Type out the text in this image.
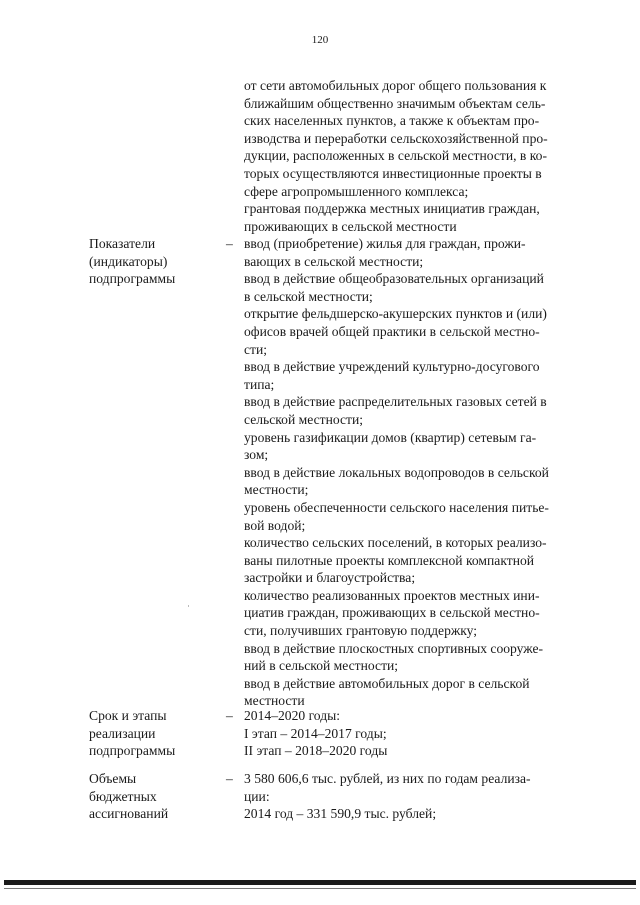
120
от сети автомобильных дорог общего пользования к
ближайшим общественно значимым объектам сель-
ских населенных пунктов, а также к объектам про-
изводства и переработки сельскохозяйственной про-
дукции, расположенных в сельской местности, в ко-
торых осуществляются инвестиционные проекты в
сфере агропромышленного комплекса;
грантовая поддержка местных инициатив граждан,
проживающих в сельской местности
Показатели
(индикаторы)
подпрограммы
– ввод (приобретение) жилья для граждан, прожи-
вающих в сельской местности;
ввод в действие общеобразовательных организаций
в сельской местности;
открытие фельдшерско-акушерских пунктов и (или)
офисов врачей общей практики в сельской местно-
сти;
ввод в действие учреждений культурно-досугового
типа;
ввод в действие распределительных газовых сетей в
сельской местности;
уровень газификации домов (квартир) сетевым га-
зом;
ввод в действие локальных водопроводов в сельской
местности;
уровень обеспеченности сельского населения питье-
вой водой;
количество сельских поселений, в которых реализо-
ваны пилотные проекты комплексной компактной
застройки и благоустройства;
количество реализованных проектов местных ини-
циатив граждан, проживающих в сельской местно-
сти, получивших грантовую поддержку;
ввод в действие плоскостных спортивных сооруже-
ний в сельской местности;
ввод в действие автомобильных дорог в сельской
местности
Срок и этапы
реализации
подпрограммы
– 2014–2020 годы:
I этап – 2014–2017 годы;
II этап – 2018–2020 годы
Объемы
бюджетных
ассигнований
– 3 580 606,6 тыс. рублей, из них по годам реализа-
ции:
2014 год – 331 590,9 тыс. рублей;
